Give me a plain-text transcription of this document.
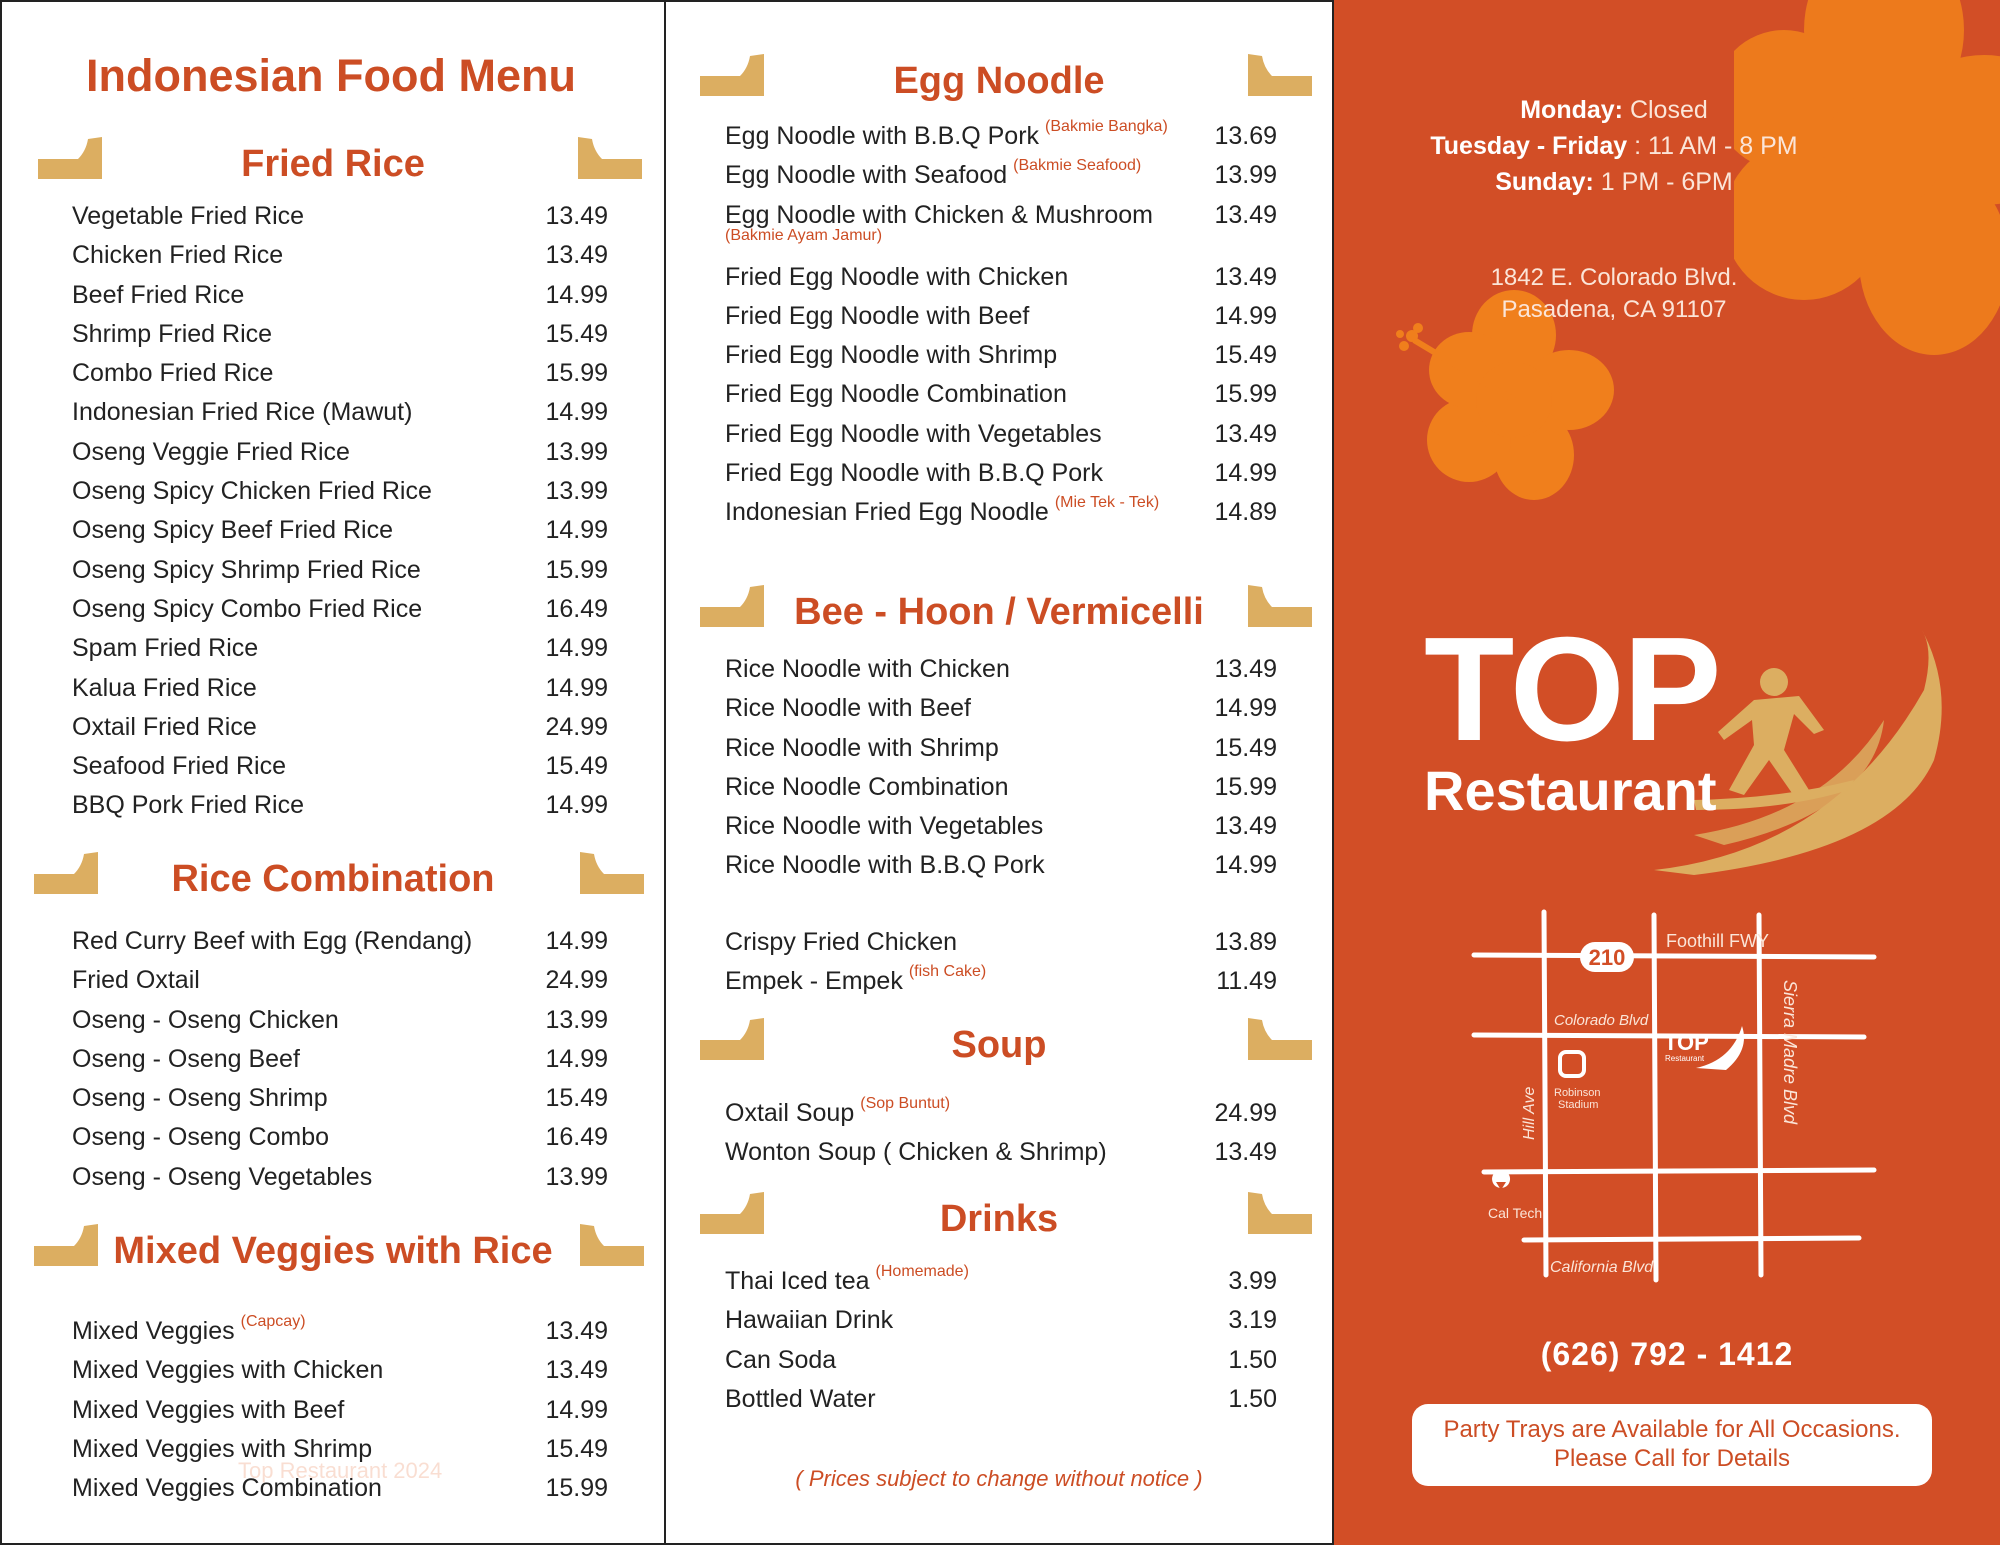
Indonesian Food Menu
Fried Rice
Vegetable Fried Rice	13.49
Chicken Fried Rice	13.49
Beef Fried Rice	14.99
Shrimp Fried Rice	15.49
Combo Fried Rice	15.99
Indonesian Fried Rice (Mawut)	14.99
Oseng Veggie Fried Rice	13.99
Oseng Spicy Chicken Fried Rice	13.99
Oseng Spicy Beef Fried Rice	14.99
Oseng Spicy Shrimp Fried Rice	15.99
Oseng Spicy Combo Fried Rice	16.49
Spam Fried Rice	14.99
Kalua Fried Rice	14.99
Oxtail Fried Rice	24.99
Seafood Fried Rice	15.49
BBQ Pork Fried Rice	14.99
Rice Combination
Red Curry Beef with Egg (Rendang)	14.99
Fried Oxtail	24.99
Oseng - Oseng Chicken	13.99
Oseng - Oseng Beef	14.99
Oseng - Oseng Shrimp	15.49
Oseng - Oseng Combo	16.49
Oseng - Oseng Vegetables	13.99
Mixed Veggies with Rice
Mixed Veggies $^{(Capcay)}$	13.49
Mixed Veggies with Chicken	13.49
Mixed Veggies with Beef	14.99
Mixed Veggies with Shrimp	15.49
Mixed Veggies Combination	15.99
Top Restaurant 2024
Egg Noodle
Egg Noodle with B.B.Q Pork $^{(Bakmie Bangka)}$ 13.69
Egg Noodle with Seafood $^{(Bakmie Seafood)}$	13.99
Egg Noodle with Chicken & Mushroom
(Bakmie Ayam Jamur)
13.49
Fried Egg Noodle with Chicken	13.49
Fried Egg Noodle with Beef	14.99
Fried Egg Noodle with Shrimp	15.49
Fried Egg Noodle Combination	15.99
Fried Egg Noodle with Vegetables	13.49
Fried Egg Noodle with B.B.Q Pork	14.99
Indonesian Fried Egg Noodle $^{(Mie Tek - Tek)}$ 14.89
Bee - Hoon / Vermicelli
Rice Noodle with Chicken	13.49
Rice Noodle with Beef	14.99
Rice Noodle with Shrimp	15.49
Rice Noodle Combination	15.99
Rice Noodle with Vegetables	13.49
Rice Noodle with B.B.Q Pork	14.99
Crispy Fried Chicken	13.89
Empek - Empek $^{(fish Cake)}$	11.49
Soup
Oxtail Soup $^{(Sop Buntut)}$	24.99
Wonton Soup ( Chicken & Shrimp)	13.49
Drinks
Thai Iced tea $^{(Homemade)}$	3.99
Hawaiian Drink	3.19
Can Soda	1.50
Bottled Water	1.50
( Prices subject to change without notice )
Monday: Closed
Tuesday - Friday : 11 AM - 8 PM
Sunday: 1 PM - 6PM
1842 E. Colorado Blvd.
Pasadena, CA 91107
TOP
Restaurant
210
Foothill FWY
Colorado Blvd
Hill Ave	Sierra Madre Blvd
California Blvd
Robinson
Stadium
Cal Tech
TOP
Restaurant
(626) 792 - 1412
Party Trays are Available for All Occasions.
Please Call for Details
